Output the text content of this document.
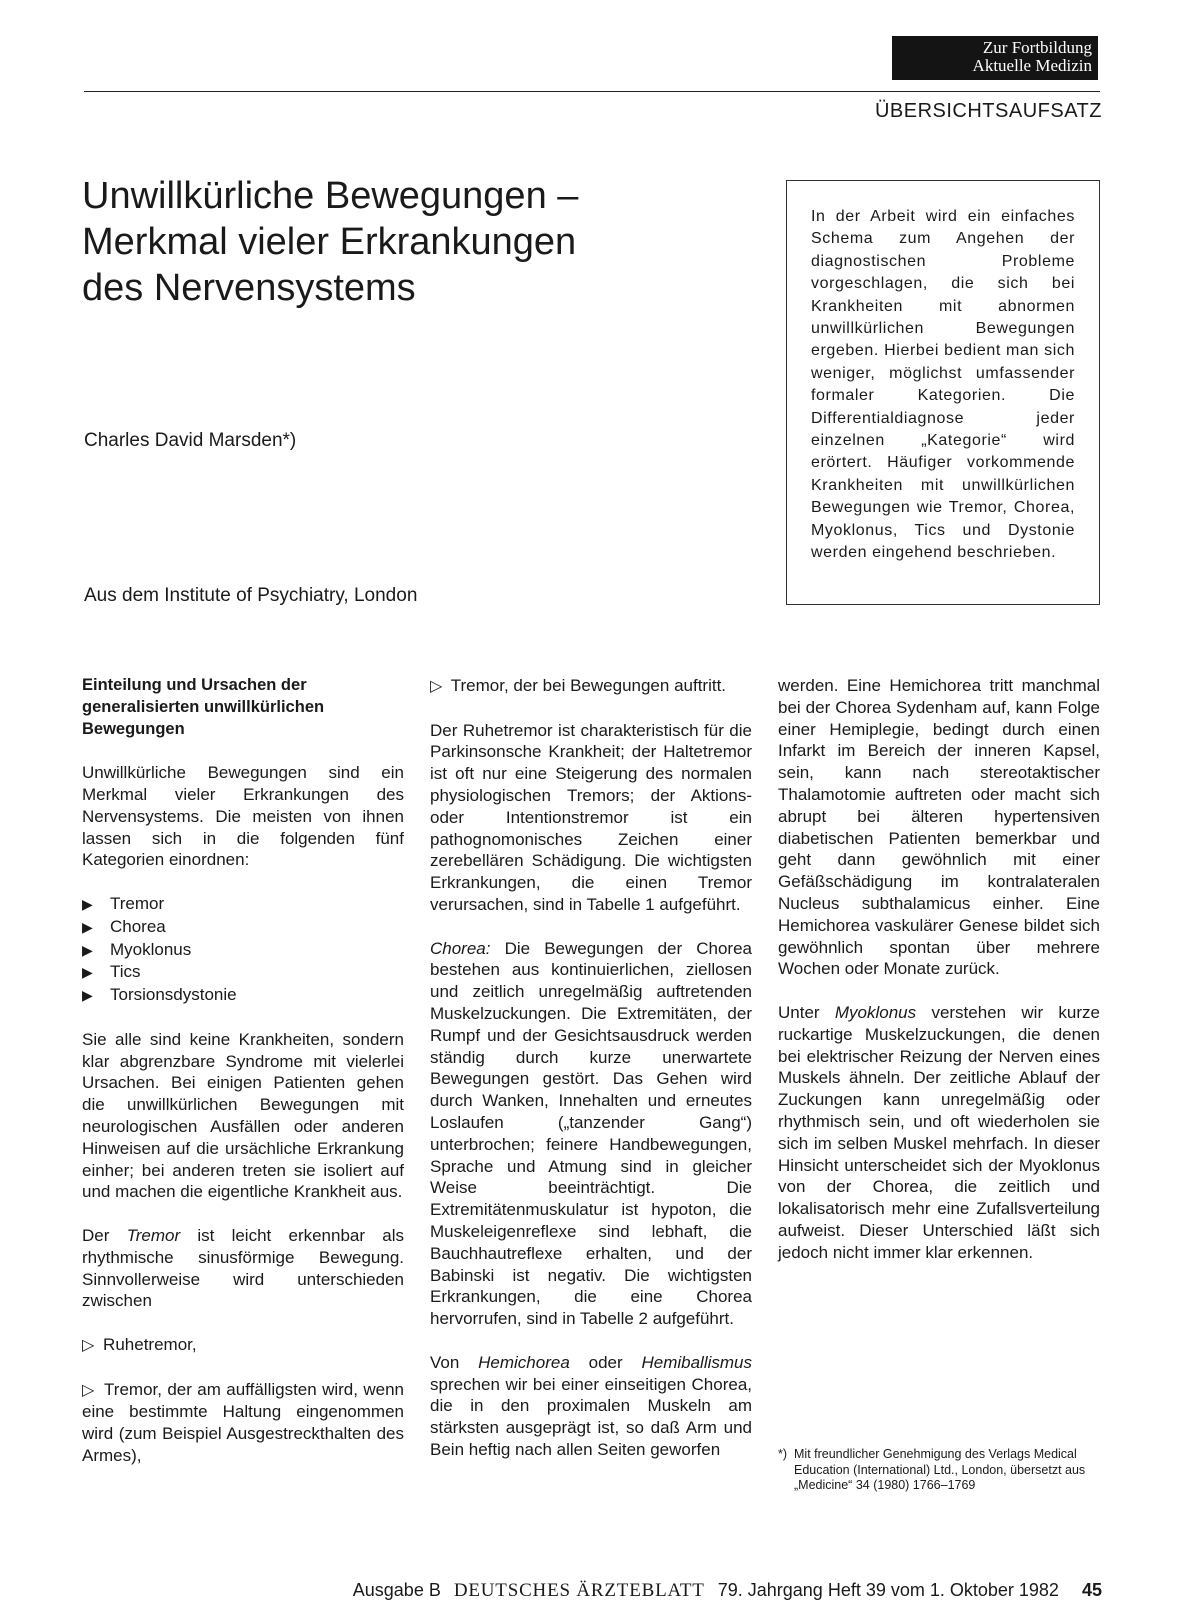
Zur Fortbildung
Aktuelle Medizin
ÜBERSICHTSAUFSATZ
Unwillkürliche Bewegungen –
Merkmal vieler Erkrankungen
des Nervensystems
Charles David Marsden*)
Aus dem Institute of Psychiatry, London
In der Arbeit wird ein einfaches Schema zum Angehen der diagnostischen Probleme vorgeschlagen, die sich bei Krankheiten mit abnormen unwillkürlichen Bewegungen ergeben. Hierbei bedient man sich weniger, möglichst umfassender formaler Kategorien. Die Differentialdiagnose jeder einzelnen „Kategorie“ wird erörtert. Häufiger vorkommende Krankheiten mit unwillkürlichen Bewegungen wie Tremor, Chorea, Myoklonus, Tics und Dystonie werden eingehend beschrieben.
Einteilung und Ursachen der generalisierten unwillkürlichen Bewegungen

Unwillkürliche Bewegungen sind ein Merkmal vieler Erkrankungen des Nervensystems. Die meisten von ihnen lassen sich in die folgenden fünf Kategorien einordnen:

▶ Tremor
▶ Chorea
▶ Myoklonus
▶ Tics
▶ Torsionsdystonie

Sie alle sind keine Krankheiten, sondern klar abgrenzbare Syndrome mit vielerlei Ursachen. Bei einigen Patienten gehen die unwillkürlichen Bewegungen mit neurologischen Ausfällen oder anderen Hinweisen auf die ursächliche Erkrankung einher; bei anderen treten sie isoliert auf und machen die eigentliche Krankheit aus.

Der Tremor ist leicht erkennbar als rhythmische sinusförmige Bewegung. Sinnvollerweise wird unterschieden zwischen

▷ Ruhetremor,

▷ Tremor, der am auffälligsten wird, wenn eine bestimmte Haltung eingenommen wird (zum Beispiel Ausgestreckthalten des Armes),

▷ Tremor, der bei Bewegungen auftritt.

Der Ruhetremor ist charakteristisch für die Parkinsonsche Krankheit; der Haltetremor ist oft nur eine Steigerung des normalen physiologischen Tremors; der Aktions- oder Intentionstremor ist ein pathognomonisches Zeichen einer zerebellären Schädigung. Die wichtigsten Erkrankungen, die einen Tremor verursachen, sind in Tabelle 1 aufgeführt.

Chorea: Die Bewegungen der Chorea bestehen aus kontinuierlichen, ziellosen und zeitlich unregelmäßig auftretenden Muskelzuckungen. Die Extremitäten, der Rumpf und der Gesichtsausdruck werden ständig durch kurze unerwartete Bewegungen gestört. Das Gehen wird durch Wanken, Innehalten und erneutes Loslaufen („tanzender Gang“) unterbrochen; feinere Handbewegungen, Sprache und Atmung sind in gleicher Weise beeinträchtigt. Die Extremitätenmuskulatur ist hypoton, die Muskeleigenreflexe sind lebhaft, die Bauchhautreflexe erhalten, und der Babinski ist negativ. Die wichtigsten Erkrankungen, die eine Chorea hervorrufen, sind in Tabelle 2 aufgeführt.

Von Hemichorea oder Hemiballismus sprechen wir bei einer einseitigen Chorea, die in den proximalen Muskeln am stärksten ausgeprägt ist, so daß Arm und Bein heftig nach allen Seiten geworfen

werden. Eine Hemichorea tritt manchmal bei der Chorea Sydenham auf, kann Folge einer Hemiplegie, bedingt durch einen Infarkt im Bereich der inneren Kapsel, sein, kann nach stereotaktischer Thalamotomie auftreten oder macht sich abrupt bei älteren hypertensiven diabetischen Patienten bemerkbar und geht dann gewöhnlich mit einer Gefäßschädigung im kontralateralen Nucleus subthalamicus einher. Eine Hemichorea vaskulärer Genese bildet sich gewöhnlich spontan über mehrere Wochen oder Monate zurück.

Unter Myoklonus verstehen wir kurze ruckartige Muskelzuckungen, die denen bei elektrischer Reizung der Nerven eines Muskels ähneln. Der zeitliche Ablauf der Zuckungen kann unregelmäßig oder rhythmisch sein, und oft wiederholen sie sich im selben Muskel mehrfach. In dieser Hinsicht unterscheidet sich der Myoklonus von der Chorea, die zeitlich und lokalisatorisch mehr eine Zufallsverteilung aufweist. Dieser Unterschied läßt sich jedoch nicht immer klar erkennen.

*) Mit freundlicher Genehmigung des Verlags Medical Education (International) Ltd., London, übersetzt aus „Medicine“ 34 (1980) 1766–1769
Ausgabe B DEUTSCHES ÄRZTEBLATT 79. Jahrgang Heft 39 vom 1. Oktober 1982 45
